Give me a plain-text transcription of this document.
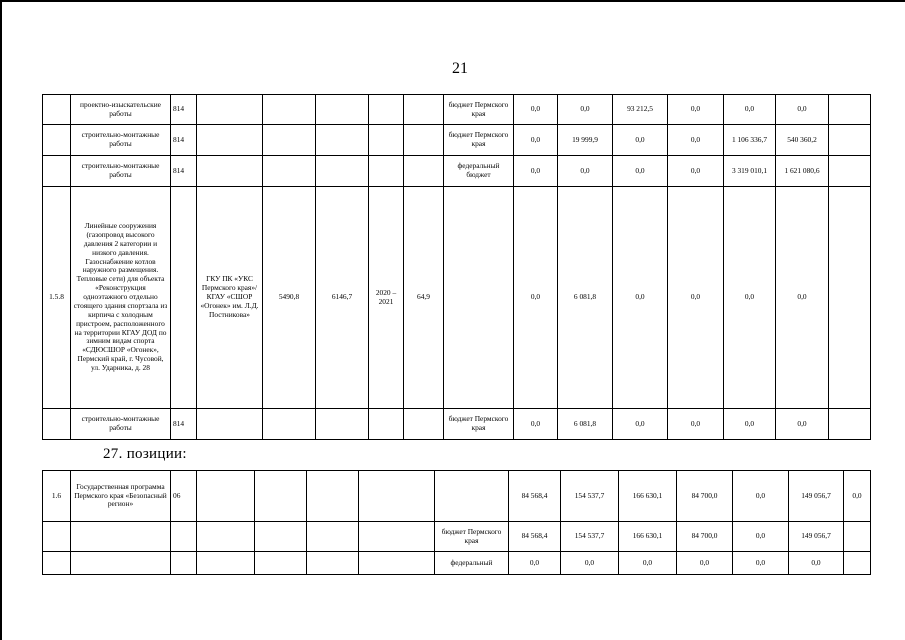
21
	проектно-изыскательские работы	814						бюджет Пермского края	0,0	0,0	93 212,5	0,0	0,0	0,0	
	строительно-монтажные работы	814						бюджет Пермского края	0,0	19 999,9	0,0	0,0	1 106 336,7	540 360,2	
	строительно-монтажные работы	814						федеральный бюджет	0,0	0,0	0,0	0,0	3 319 010,1	1 621 080,6	
1.5.8	Линейные сооружения (газопровод высокого давления 2 категории и низкого давления. Газоснабжение котлов наружного размещения. Тепловые сети) для объекта «Реконструкция одноэтажного отдельно стоящего здания спортзала из кирпича с холодным пристроем, расположенного на территории КГАУ ДОД по зимним видам спорта «СДЮСШОР «Огонек», Пермский край, г. Чусовой, ул. Ударника, д. 28		ГКУ ПК «УКС Пермского края»/ КГАУ «СШОР «Огонек» им. Л.Д. Постникова»	5490,8	6146,7	2020 – 2021	64,9		0,0	6 081,8	0,0	0,0	0,0	0,0	
	строительно-монтажные работы	814						бюджет Пермского края	0,0	6 081,8	0,0	0,0	0,0	0,0	
27. позиции:
1.6	Государственная программа Пермского края «Безопасный регион»	06						84 568,4	154 537,7	166 630,1	84 700,0	0,0	149 056,7	0,0
							бюджет Пермского края	84 568,4	154 537,7	166 630,1	84 700,0	0,0	149 056,7	
							федеральный	0,0	0,0	0,0	0,0	0,0	0,0	
